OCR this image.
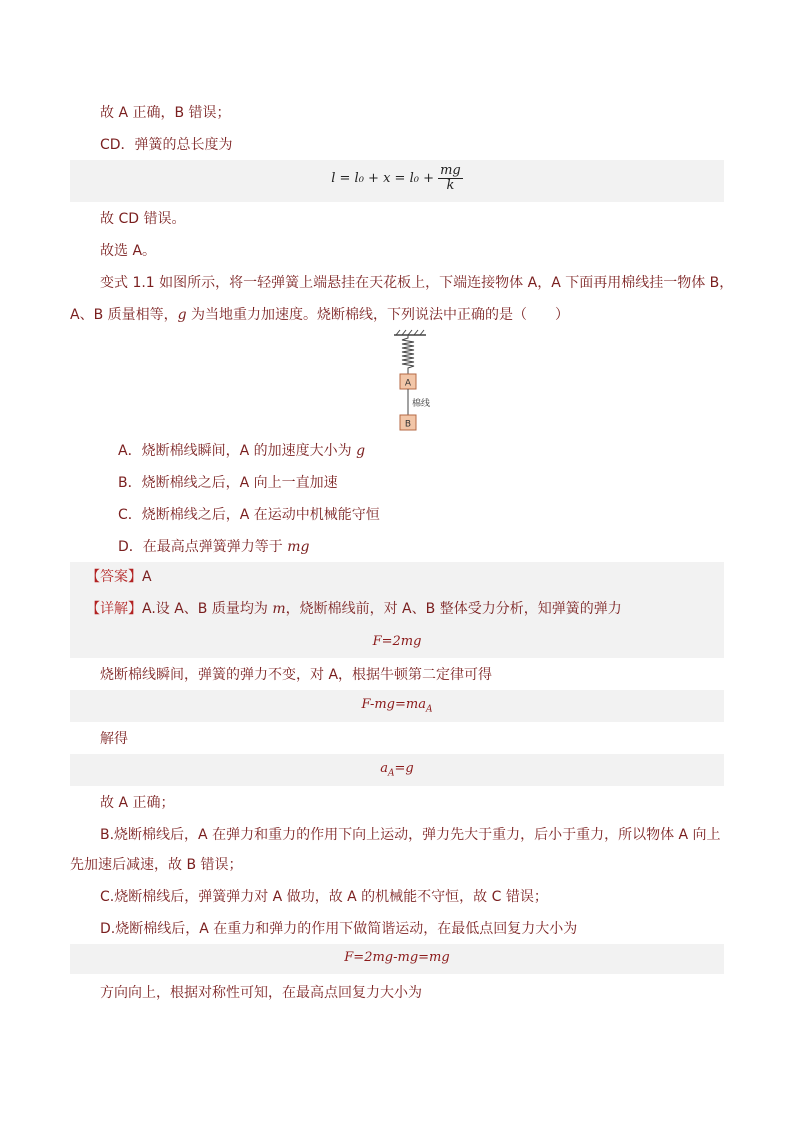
故 A 正确，B 错误；
CD．弹簧的总长度为
$l = l_0 + x = l_0 + \frac{mg}{k}$
故 CD 错误。
故选 A。
变式 1.1 如图所示，将一轻弹簧上端悬挂在天花板上，下端连接物体 A，A 下面再用棉线挂一物体 B，
A、B 质量相等，g 为当地重力加速度。烧断棉线，下列说法中正确的是（　　）
A
棉线
B
A．烧断棉线瞬间，A 的加速度大小为 g
B．烧断棉线之后，A 向上一直加速
C．烧断棉线之后，A 在运动中机械能守恒
D．在最高点弹簧弹力等于 mg
【答案】A
【详解】A.设 A、B 质量均为 m，烧断棉线前，对 A、B 整体受力分析，知弹簧的弹力
F=2mg
烧断棉线瞬间，弹簧的弹力不变，对 A，根据牛顿第二定律可得
$F-mg=ma_A$
解得
$a_A=g$
故 A 正确；
B.烧断棉线后，A 在弹力和重力的作用下向上运动，弹力先大于重力，后小于重力，所以物体 A 向上
先加速后减速，故 B 错误；
C.烧断棉线后，弹簧弹力对 A 做功，故 A 的机械能不守恒，故 C 错误；
D.烧断棉线后，A 在重力和弹力的作用下做简谐运动，在最低点回复力大小为
F=2mg-mg=mg
方向向上，根据对称性可知，在最高点回复力大小为
